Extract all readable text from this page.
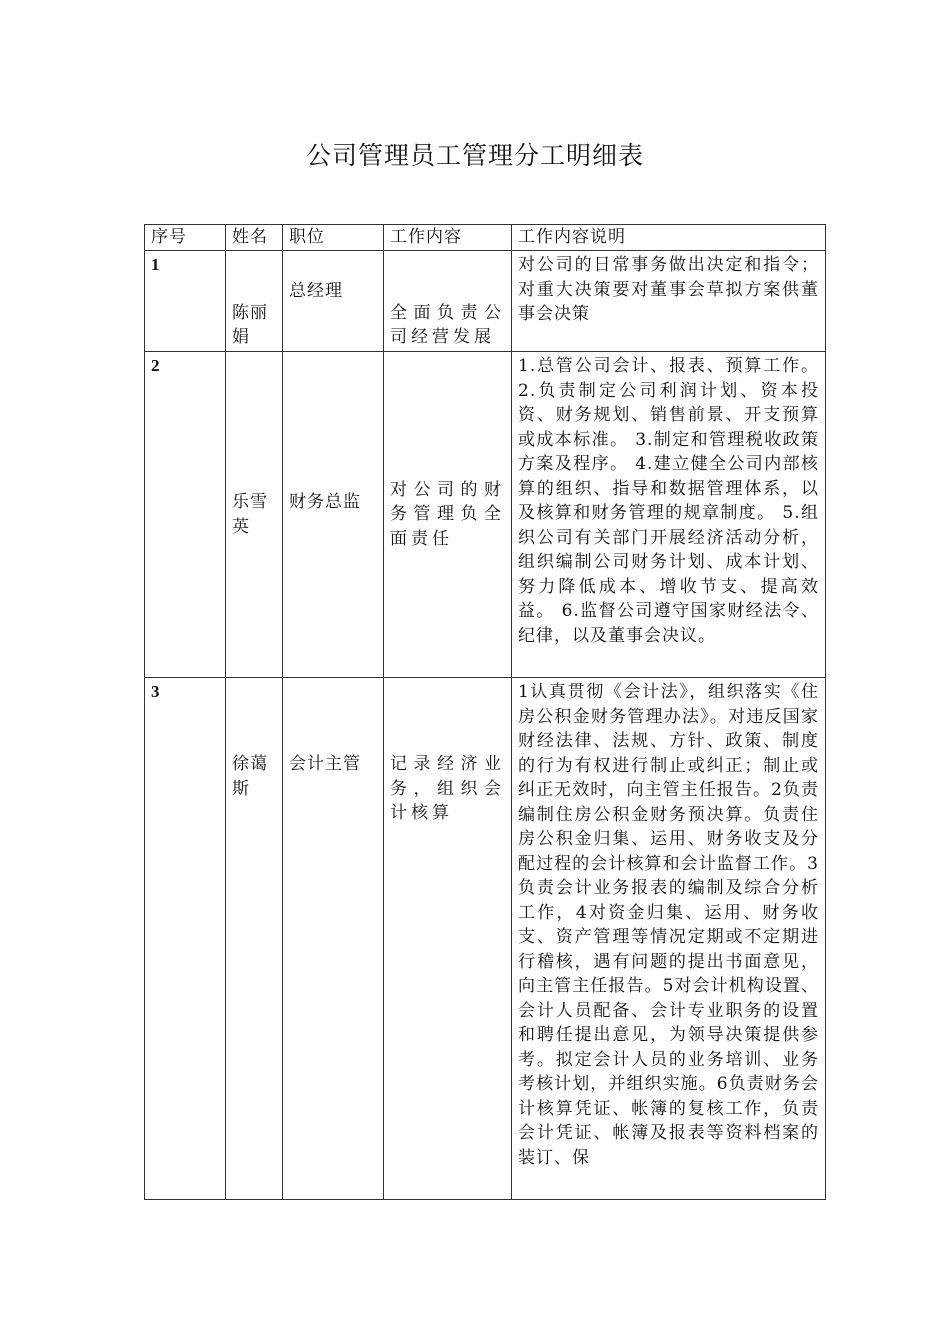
公司管理员工管理分工明细表
序号	姓名	职位	工作内容	工作内容说明
1	陈丽娟	总经理	全面负责公司经营发展	对公司的日常事务做出决定和指令；对重大决策要对董事会草拟方案供董事会决策
2	乐雪英	财务总监	对公司的财务管理负全面责任	1.总管公司会计、报表、预算工作。 2.负责制定公司利润计划、资本投资、财务规划、销售前景、开支预算或成本标准。 3.制定和管理税收政策方案及程序。 4.建立健全公司内部核算的组织、指导和数据管理体系，以及核算和财务管理的规章制度。 5.组织公司有关部门开展经济活动分析，组织编制公司财务计划、成本计划、努力降低成本、增收节支、提高效益。 6.监督公司遵守国家财经法令、纪律，以及董事会决议。
3	徐蔼斯	会计主管	记录经济业务，组织会计核算	1认真贯彻《会计法》，组织落实《住房公积金财务管理办法》。对违反国家财经法律、法规、方针、政策、制度的行为有权进行制止或纠正；制止或纠正无效时，向主管主任报告。2负责编制住房公积金财务预决算。负责住房公积金归集、运用、财务收支及分配过程的会计核算和会计监督工作。3负责会计业务报表的编制及综合分析工作，4对资金归集、运用、财务收支、资产管理等情况定期或不定期进行稽核，遇有问题的提出书面意见，向主管主任报告。5对会计机构设置、会计人员配备、会计专业职务的设置和聘任提出意见，为领导决策提供参考。拟定会计人员的业务培训、业务考核计划，并组织实施。6负责财务会计核算凭证、帐簿的复核工作，负责会计凭证、帐簿及报表等资料档案的装订、保
